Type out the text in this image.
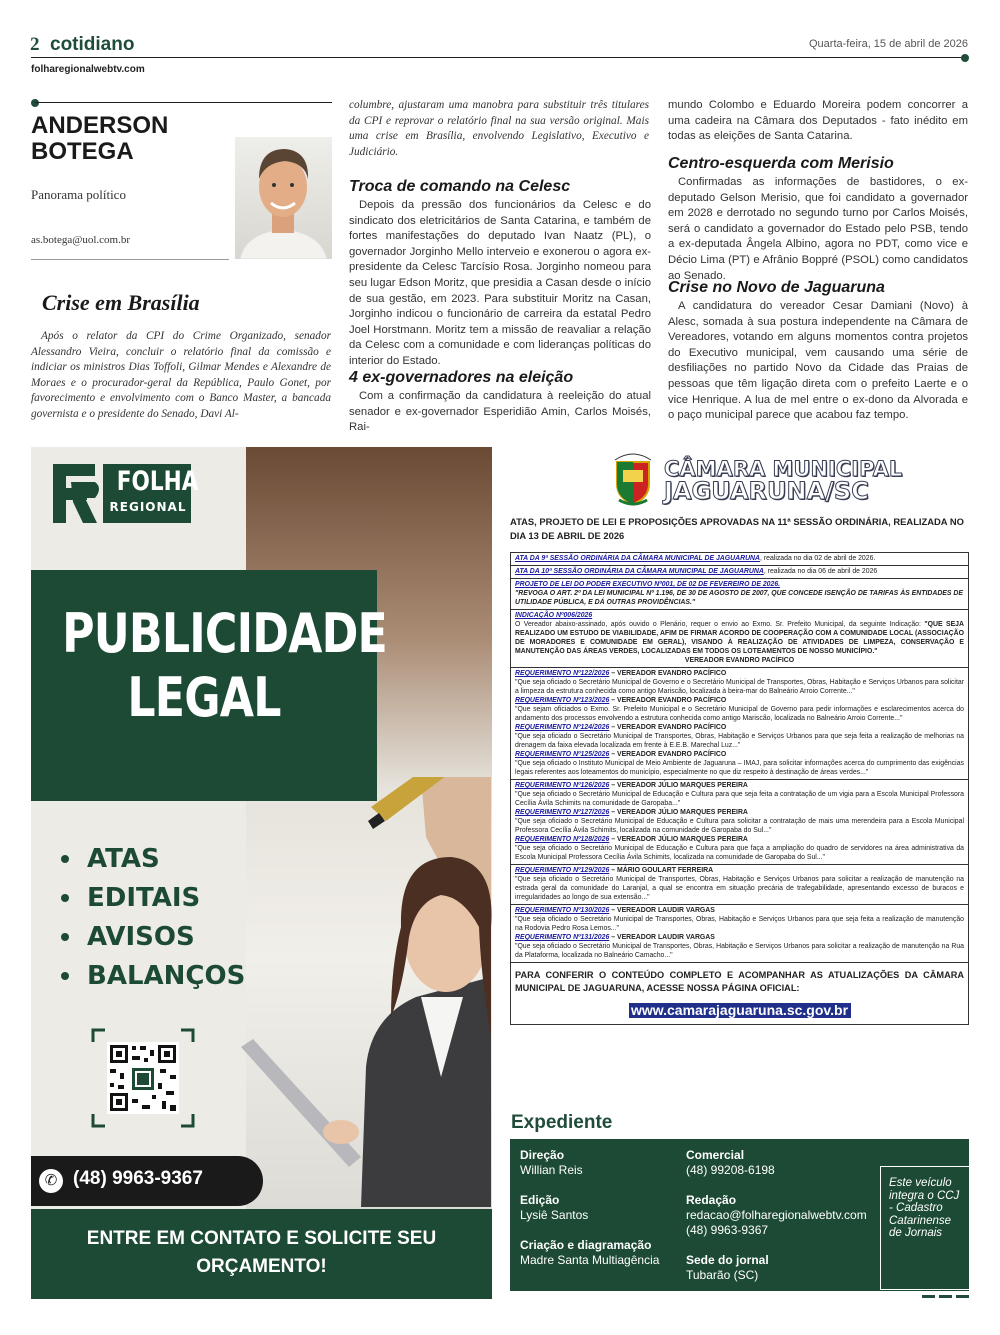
2 cotidiano	Quarta-feira, 15 de abril de 2026
folharegionalwebtv.com
ANDERSON BOTEGA
Panorama político
as.botega@uol.com.br
Crise em Brasília
Após o relator da CPI do Crime Organizado, senador Alessandro Vieira, concluir o relatório final da comissão e indiciar os ministros Dias Toffoli, Gilmar Mendes e Alexandre de Moraes e o procurador-geral da República, Paulo Gonet, por favorecimento e envolvimento com o Banco Master, a bancada governista e o presidente do Senado, Davi Al-
columbre, ajustaram uma manobra para substituir três titulares da CPI e reprovar o relatório final na sua versão original. Mais uma crise em Brasília, envolvendo Legislativo, Executivo e Judiciário.
Troca de comando na Celesc
Depois da pressão dos funcionários da Celesc e do sindicato dos eletricitários de Santa Catarina, e também de fortes manifestações do deputado Ivan Naatz (PL), o governador Jorginho Mello interveio e exonerou o agora ex-presidente da Celesc Tarcísio Rosa. Jorginho nomeou para seu lugar Edson Moritz, que presidia a Casan desde o início de sua gestão, em 2023. Para substituir Moritz na Casan, Jorginho indicou o funcionário de carreira da estatal Pedro Joel Horstmann. Moritz tem a missão de reavaliar a relação da Celesc com a comunidade e com lideranças políticas do interior do Estado.
4 ex-governadores na eleição
Com a confirmação da candidatura à reeleição do atual senador e ex-governador Esperidião Amin, Carlos Moisés, Rai-
mundo Colombo e Eduardo Moreira podem concorrer a uma cadeira na Câmara dos Deputados - fato inédito em todas as eleições de Santa Catarina.
Centro-esquerda com Merisio
Confirmadas as informações de bastidores, o ex-deputado Gelson Merisio, que foi candidato a governador em 2028 e derrotado no segundo turno por Carlos Moisés, será o candidato a governador do Estado pelo PSB, tendo a ex-deputada Ângela Albino, agora no PDT, como vice e Décio Lima (PT) e Afrânio Boppré (PSOL) como candidatos ao Senado.
Crise no Novo de Jaguaruna
A candidatura do vereador Cesar Damiani (Novo) à Alesc, somada à sua postura independente na Câmara de Vereadores, votando em alguns momentos contra projetos do Executivo municipal, vem causando uma série de desfiliações no partido Novo da Cidade das Praias de pessoas que têm ligação direta com o prefeito Laerte e o vice Henrique. A lua de mel entre o ex-dono da Alvorada e o paço municipal parece que acabou faz tempo.
FOLHA
REGIONAL
PUBLICIDADE
LEGAL
ATAS
EDITAIS
AVISOS
BALANÇOS
✆ (48) 9963-9367
ENTRE EM CONTATO E SOLICITE SEU ORÇAMENTO!
CÂMARA MUNICIPAL
JAGUARUNA/SC
ATAS, PROJETO DE LEI E PROPOSIÇÕES APROVADAS NA 11ª SESSÃO ORDINÁRIA, REALIZADA NO DIA 13 DE ABRIL DE 2026
ATA DA 9ª SESSÃO ORDINÁRIA DA CÂMARA MUNICIPAL DE JAGUARUNA, realizada no dia 02 de abril de 2026.
ATA DA 10ª SESSÃO ORDINÁRIA DA CÂMARA MUNICIPAL DE JAGUARUNA, realizada no dia 06 de abril de 2026
PROJETO DE LEI DO PODER EXECUTIVO Nº001, DE 02 DE FEVEREIRO DE 2026.
"REVOGA O ART. 2º DA LEI MUNICIPAL Nº 1.196, DE 30 DE AGOSTO DE 2007, QUE CONCEDE ISENÇÃO DE TARIFAS ÀS ENTIDADES DE UTILIDADE PÚBLICA, E DÁ OUTRAS PROVIDÊNCIAS."
INDICAÇÃO Nº006/2026
O Vereador abaixo-assinado, após ouvido o Plenário, requer o envio ao Exmo. Sr. Prefeito Municipal, da seguinte Indicação: "QUE SEJA REALIZADO UM ESTUDO DE VIABILIDADE, AFIM DE FIRMAR ACORDO DE COOPERAÇÃO COM A COMUNIDADE LOCAL (ASSOCIAÇÃO DE MORADORES E COMUNIDADE EM GERAL), VISANDO À REALIZAÇÃO DE ATIVIDADES DE LIMPEZA, CONSERVAÇÃO E MANUTENÇÃO DAS ÁREAS VERDES, LOCALIZADAS EM TODOS OS LOTEAMENTOS DE NOSSO MUNICÍPIO."
VEREADOR EVANDRO PACÍFICO
REQUERIMENTO Nº122/2026 – VEREADOR EVANDRO PACÍFICO
"Que seja oficiado o Secretário Municipal de Governo e o Secretário Municipal de Transportes, Obras, Habitação e Serviços Urbanos para solicitar a limpeza da estrutura conhecida como antigo Mariscão, localizada à beira-mar do Balneário Arroio Corrente..."
REQUERIMENTO Nº123/2026 – VEREADOR EVANDRO PACÍFICO
"Que sejam oficiados o Exmo. Sr. Prefeito Municipal e o Secretário Municipal de Governo para pedir informações e esclarecimentos acerca do andamento dos processos envolvendo a estrutura conhecida como antigo Mariscão, localizada no Balneário Arroio Corrente..."
REQUERIMENTO Nº124/2026 – VEREADOR EVANDRO PACÍFICO
"Que seja oficiado o Secretário Municipal de Transportes, Obras, Habitação e Serviços Urbanos para que seja feita a realização de melhorias na drenagem da faixa elevada localizada em frente à E.E.B. Marechal Luz..."
REQUERIMENTO Nº125/2026 – VEREADOR EVANDRO PACÍFICO
"Que seja oficiado o Instituto Municipal de Meio Ambiente de Jaguaruna – IMAJ, para solicitar informações acerca do cumprimento das exigências legais referentes aos loteamentos do município, especialmente no que diz respeito à destinação de áreas verdes..."
REQUERIMENTO Nº126/2026 – VEREADOR JÚLIO MARQUES PEREIRA
"Que seja oficiado o Secretário Municipal de Educação e Cultura para que seja feita a contratação de um vigia para a Escola Municipal Professora Cecília Ávila Schimits na comunidade de Garopaba..."
REQUERIMENTO Nº127/2026 – VEREADOR JÚLIO MARQUES PEREIRA
"Que seja oficiado o Secretário Municipal de Educação e Cultura para solicitar a contratação de mais uma merendeira para a Escola Municipal Professora Cecília Ávila Schimits, localizada na comunidade de Garopaba do Sul..."
REQUERIMENTO Nº128/2026 – VEREADOR JÚLIO MARQUES PEREIRA
"Que seja oficiado o Secretário Municipal de Educação e Cultura para que faça a ampliação do quadro de servidores na área administrativa da Escola Municipal Professora Cecília Ávila Schimits, localizada na comunidade de Garopaba do Sul..."
REQUERIMENTO Nº129/2026 – MÁRIO GOULART FERREIRA
"Que seja oficiado o Secretário Municipal de Transportes, Obras, Habitação e Serviços Urbanos para solicitar a realização de manutenção na estrada geral da comunidade do Laranjal, a qual se encontra em situação precária de trafegabilidade, apresentando excesso de buracos e irregularidades ao longo de sua extensão..."
REQUERIMENTO Nº130/2026 – VEREADOR LAUDIR VARGAS
"Que seja oficiado o Secretário Municipal de Transportes, Obras, Habitação e Serviços Urbanos para que seja feita a realização de manutenção na Rodovia Pedro Rosa Lemos..."
REQUERIMENTO Nº131/2026 – VEREADOR LAUDIR VARGAS
"Que seja oficiado o Secretário Municipal de Transportes, Obras, Habitação e Serviços Urbanos para solicitar a realização de manutenção na Rua da Plataforma, localizada no Balneário Camacho..."
PARA CONFERIR O CONTEÚDO COMPLETO E ACOMPANHAR AS ATUALIZAÇÕES DA CÂMARA MUNICIPAL DE JAGUARUNA, ACESSE NOSSA PÁGINA OFICIAL:
www.camarajaguaruna.sc.gov.br
Expediente
Direção
Willian Reis
Edição
Lysiê Santos
Criação e diagramação
Madre Santa Multiagência
Comercial
(48) 99208-6198
Redação
redacao@folharegionalwebtv.com
(48) 9963-9367
Sede do jornal
Tubarão (SC)
Este veículo integra o CCJ - Cadastro Catarinense de Jornais
